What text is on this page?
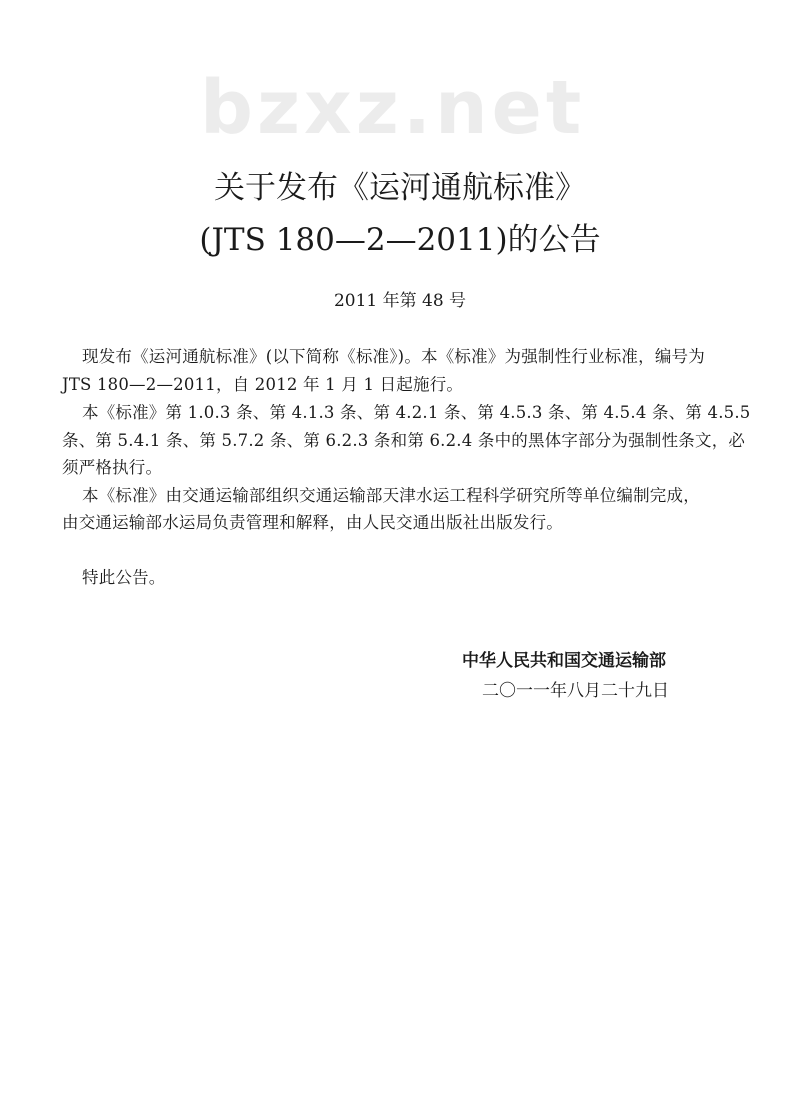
bzxz.net
关于发布《运河通航标准》
(JTS 180—2—2011)的公告
2011 年第 48 号
现发布《运河通航标准》(以下简称《标准》)。本《标准》为强制性行业标准，编号为
JTS 180—2—2011，自 2012 年 1 月 1 日起施行。
本《标准》第 1.0.3 条、第 4.1.3 条、第 4.2.1 条、第 4.5.3 条、第 4.5.4 条、第 4.5.5
条、第 5.4.1 条、第 5.7.2 条、第 6.2.3 条和第 6.2.4 条中的黑体字部分为强制性条文，必
须严格执行。
本《标准》由交通运输部组织交通运输部天津水运工程科学研究所等单位编制完成，
由交通运输部水运局负责管理和解释，由人民交通出版社出版发行。
特此公告。
中华人民共和国交通运输部
二〇一一年八月二十九日
